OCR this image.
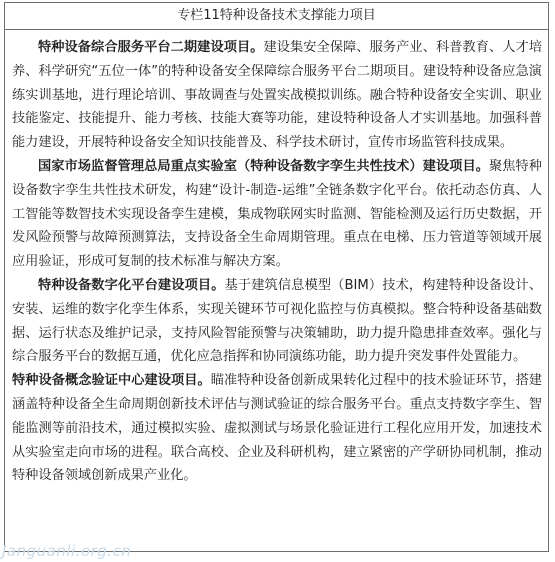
专栏11特种设备技术支撑能力项目

特种设备综合服务平台二期建设项目。建设集安全保障、服务产业、科普教育、人才培养、科学研究“五位一体”的特种设备安全保障综合服务平台二期项目。建设特种设备应急演练实训基地，进行理论培训、事故调查与处置实战模拟训练。融合特种设备安全实训、职业技能鉴定、技能提升、能力考核、技能大赛等功能，建设特种设备人才实训基地。加强科普能力建设，开展特种设备安全知识技能普及、科学技术研讨，宣传市场监管科技成果。

国家市场监督管理总局重点实验室（特种设备数字孪生共性技术）建设项目。聚焦特种设备数字孪生共性技术研发，构建“设计-制造-运维”全链条数字化平台。依托动态仿真、人工智能等数智技术实现设备孪生建模，集成物联网实时监测、智能检测及运行历史数据，开发风险预警与故障预测算法，支持设备全生命周期管理。重点在电梯、压力管道等领域开展应用验证，形成可复制的技术标准与解决方案。

特种设备数字化平台建设项目。基于建筑信息模型（BIM）技术，构建特种设备设计、安装、运维的数字化孪生体系，实现关键环节可视化监控与仿真模拟。整合特种设备基础数据、运行状态及维护记录，支持风险智能预警与决策辅助，助力提升隐患排查效率。强化与综合服务平台的数据互通，优化应急指挥和协同演练功能，助力提升突发事件处置能力。

特种设备概念验证中心建设项目。瞄准特种设备创新成果转化过程中的技术验证环节，搭建涵盖特种设备全生命周期创新技术评估与测试验证的综合服务平台。重点支持数字孪生、智能监测等前沿技术，通过模拟实验、虚拟测试与场景化验证进行工程化应用开发，加速技术从实验室走向市场的进程。联合高校、企业及科研机构，建立紧密的产学研协同机制，推动特种设备领域创新成果产业化。

Janguanli.org.cn
